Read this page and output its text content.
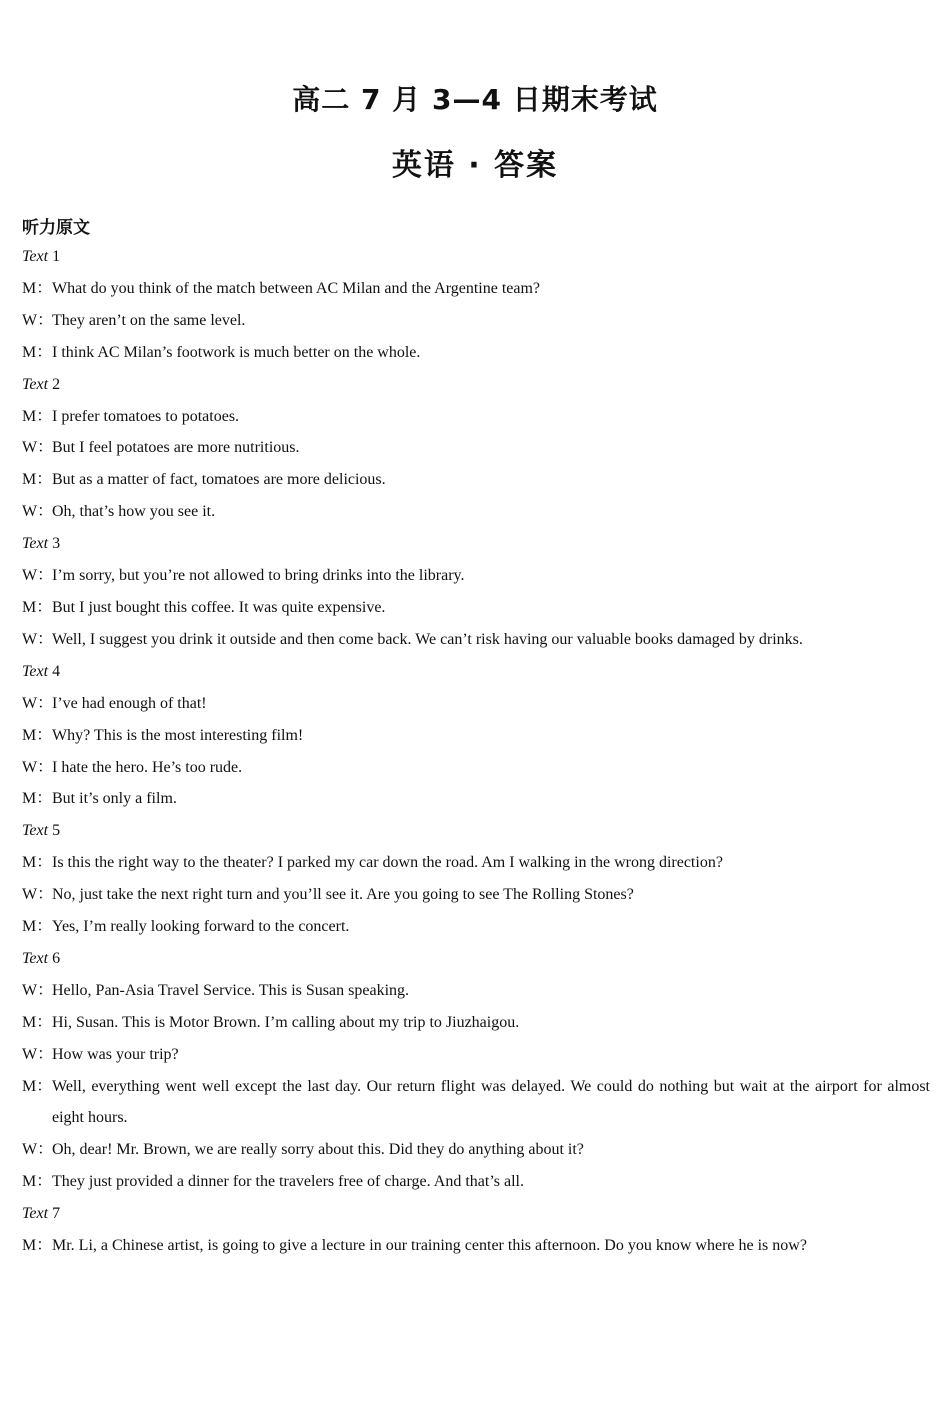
高二 7 月 3—4 日期末考试
英语 · 答案
听力原文
Text 1
M：What do you think of the match between AC Milan and the Argentine team?
W：They aren’t on the same level.
M：I think AC Milan’s footwork is much better on the whole.
Text 2
M：I prefer tomatoes to potatoes.
W：But I feel potatoes are more nutritious.
M：But as a matter of fact, tomatoes are more delicious.
W：Oh, that’s how you see it.
Text 3
W：I’m sorry, but you’re not allowed to bring drinks into the library.
M：But I just bought this coffee. It was quite expensive.
W：Well, I suggest you drink it outside and then come back. We can’t risk having our valuable books damaged by drinks.
Text 4
W：I’ve had enough of that!
M：Why? This is the most interesting film!
W：I hate the hero. He’s too rude.
M：But it’s only a film.
Text 5
M：Is this the right way to the theater? I parked my car down the road. Am I walking in the wrong direction?
W：No, just take the next right turn and you’ll see it. Are you going to see The Rolling Stones?
M：Yes, I’m really looking forward to the concert.
Text 6
W：Hello, Pan-Asia Travel Service. This is Susan speaking.
M：Hi, Susan. This is Motor Brown. I’m calling about my trip to Jiuzhaigou.
W：How was your trip?
M：Well, everything went well except the last day. Our return flight was delayed. We could do nothing but wait at the airport for almost eight hours.
W：Oh, dear! Mr. Brown, we are really sorry about this. Did they do anything about it?
M：They just provided a dinner for the travelers free of charge. And that’s all.
Text 7
M：Mr. Li, a Chinese artist, is going to give a lecture in our training center this afternoon. Do you know where he is now?
